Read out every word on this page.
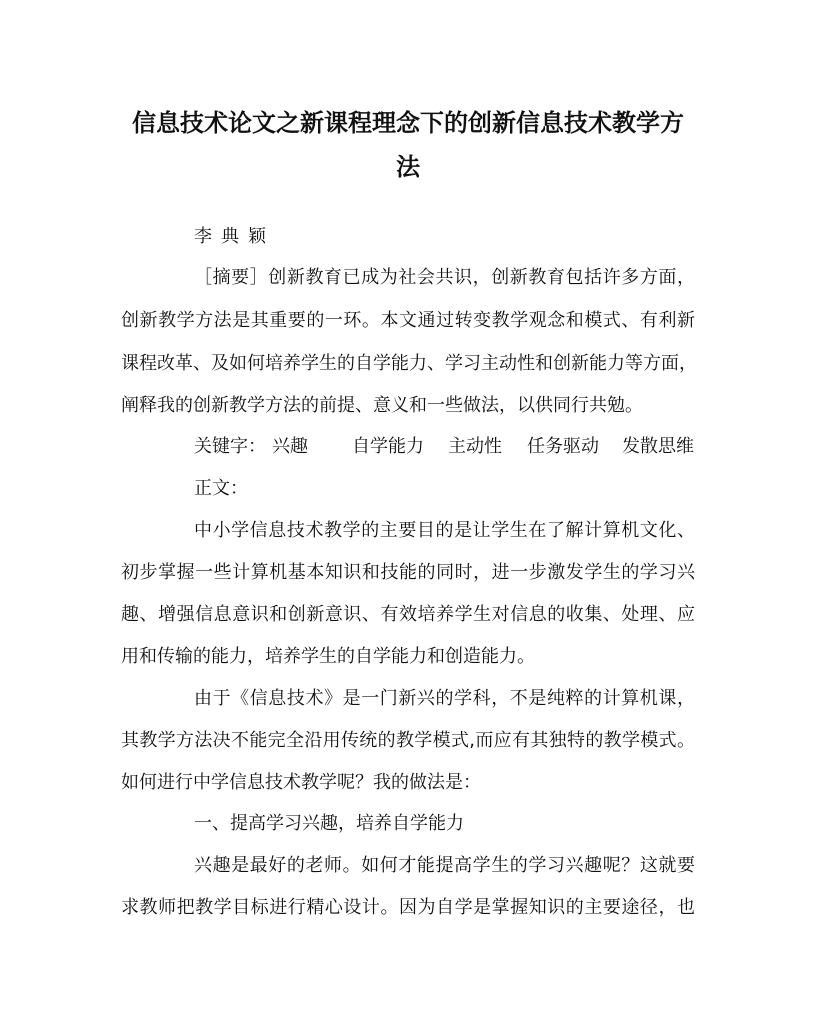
信息技术论文之新课程理念下的创新信息技术教学方
法
李典颖
［摘要］创新教育已成为社会共识，创新教育包括许多方面，
创新教学方法是其重要的一环。本文通过转变教学观念和模式、有利新
课程改革、及如何培养学生的自学能力、学习主动性和创新能力等方面，
阐释我的创新教学方法的前提、意义和一些做法，以供同行共勉。
关键字： 兴趣 自学能力 主动性 任务驱动 发散思维
正文：
中小学信息技术教学的主要目的是让学生在了解计算机文化、
初步掌握一些计算机基本知识和技能的同时，进一步激发学生的学习兴
趣、增强信息意识和创新意识、有效培养学生对信息的收集、处理、应
用和传输的能力，培养学生的自学能力和创造能力。
由于《信息技术》是一门新兴的学科，不是纯粹的计算机课，
其教学方法决不能完全沿用传统的教学模式,而应有其独特的教学模式。
如何进行中学信息技术教学呢？我的做法是：
一、提高学习兴趣，培养自学能力
兴趣是最好的老师。如何才能提高学生的学习兴趣呢？这就要
求教师把教学目标进行精心设计。因为自学是掌握知识的主要途径，也
